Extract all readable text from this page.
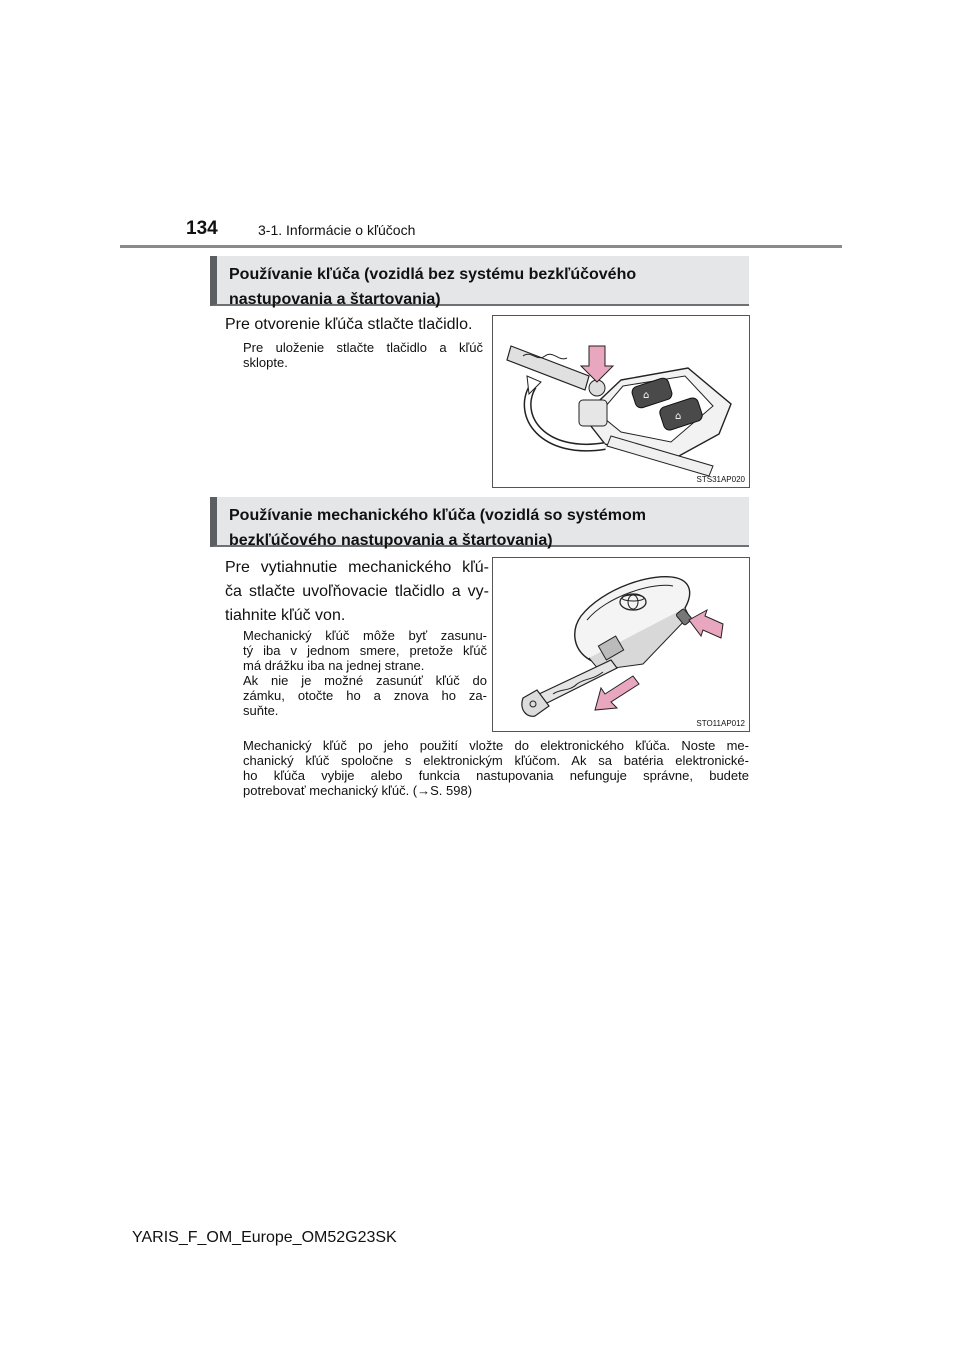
134	3-1. Informácie o kľúčoch
Používanie kľúča (vozidlá bez systému bezkľúčového
nastupovania a štartovania)
Pre otvorenie kľúča stlačte tlačidlo.
Pre uloženie stlačte tlačidlo a kľúč
sklopte.
⌂
⌂
STS31AP020
Používanie mechanického kľúča (vozidlá so systémom
bezkľúčového nastupovania a štartovania)
Pre vytiahnutie mechanického kľú-
ča stlačte uvoľňovacie tlačidlo a vy-
tiahnite kľúč von.
Mechanický kľúč môže byť zasunu-
tý iba v jednom smere, pretože kľúč
má drážku iba na jednej strane.
Ak nie je možné zasunúť kľúč do
zámku, otočte ho a znova ho za-
suňte.
STO11AP012
Mechanický kľúč po jeho použití vložte do elektronického kľúča. Noste me-
chanický kľúč spoločne s elektronickým kľúčom. Ak sa batéria elektronické-
ho kľúča vybije alebo funkcia nastupovania nefunguje správne, budete
potrebovať mechanický kľúč. (→S. 598)
YARIS_F_OM_Europe_OM52G23SK
